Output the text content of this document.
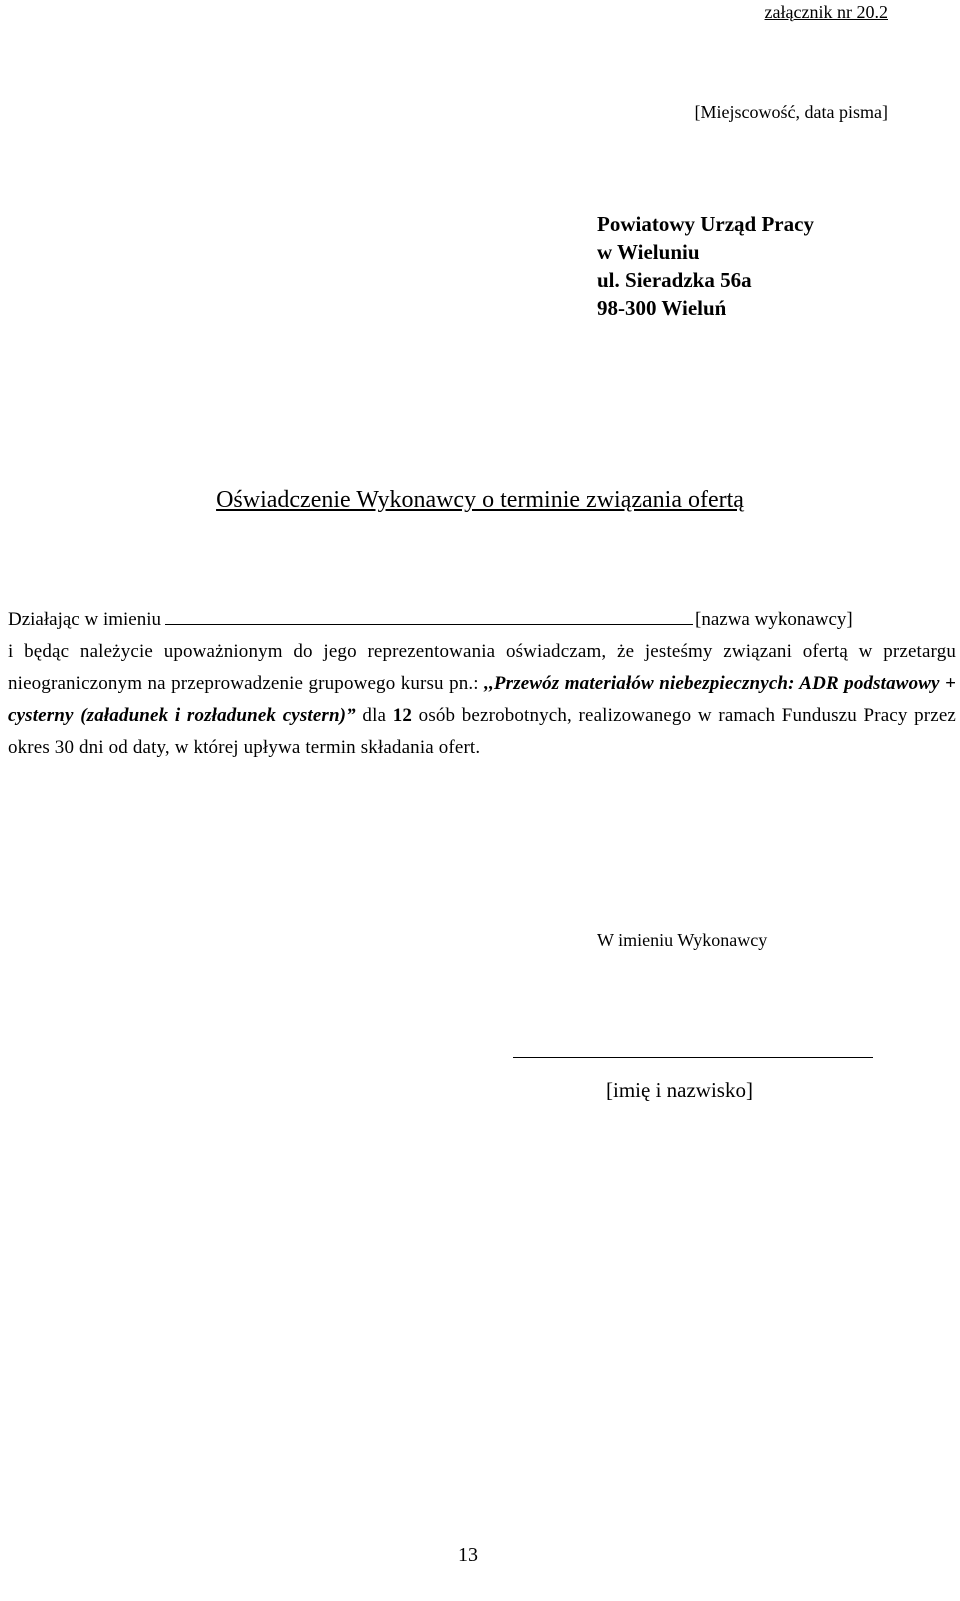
załącznik nr 20.2
[Miejscowość, data pisma]
Powiatowy Urząd Pracy
w Wieluniu
ul. Sieradzka 56a
98-300 Wieluń
Oświadczenie Wykonawcy o terminie związania ofertą
Działając w imieniu	[nazwa wykonawcy]
i będąc należycie upoważnionym do jego reprezentowania oświadczam, że jesteśmy związani ofertą w przetargu nieograniczonym na przeprowadzenie grupowego kursu pn.: ,,Przewóz materiałów niebezpiecznych: ADR podstawowy + cysterny (załadunek i rozładunek cystern)” dla 12 osób bezrobotnych, realizowanego w ramach Funduszu Pracy przez okres 30 dni od daty, w której upływa termin składania ofert.
W imieniu Wykonawcy
[imię i nazwisko]
13
